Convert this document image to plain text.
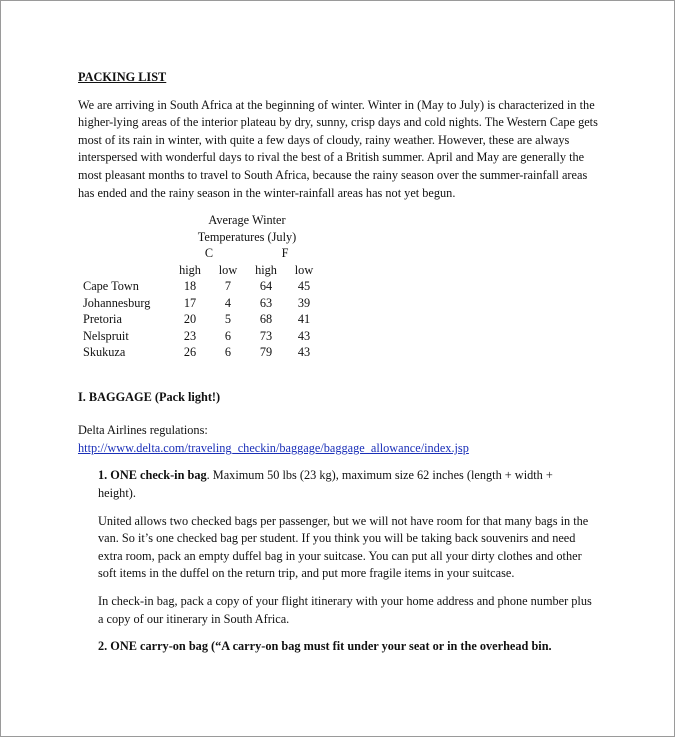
PACKING LIST

We are arriving in South Africa at the beginning of winter. Winter in (May to July) is characterized in the higher-lying areas of the interior plateau by dry, sunny, crisp days and cold nights. The Western Cape gets most of its rain in winter, with quite a few days of cloudy, rainy weather. However, these are always interspersed with wonderful days to rival the best of a British summer. April and May are generally the most pleasant months to travel to South Africa, because the rainy season over the summer-rainfall areas has ended and the rainy season in the winter-rainfall areas has not yet begun.

	Average Winter			
	Temperatures (July)			
	C		F	
	high	low	high	low
Cape Town	18	7	64	45
Johannesburg	17	4	63	39
Pretoria	20	5	68	41
Nelspruit	23	6	73	43
Skukuza	26	6	79	43
I. BAGGAGE (Pack light!)

Delta Airlines regulations:

http://www.delta.com/traveling_checkin/baggage/baggage_allowance/index.jsp

1. ONE check-in bag. Maximum 50 lbs (23 kg), maximum size 62 inches (length + width + height).

United allows two checked bags per passenger, but we will not have room for that many bags in the van. So it’s one checked bag per student. If you think you will be taking back souvenirs and need extra room, pack an empty duffel bag in your suitcase. You can put all your dirty clothes and other soft items in the duffel on the return trip, and put more fragile items in your suitcase.

In check-in bag, pack a copy of your flight itinerary with your home address and phone number plus a copy of our itinerary in South Africa.

2. ONE carry-on bag (“A carry-on bag must fit under your seat or in the overhead bin.
